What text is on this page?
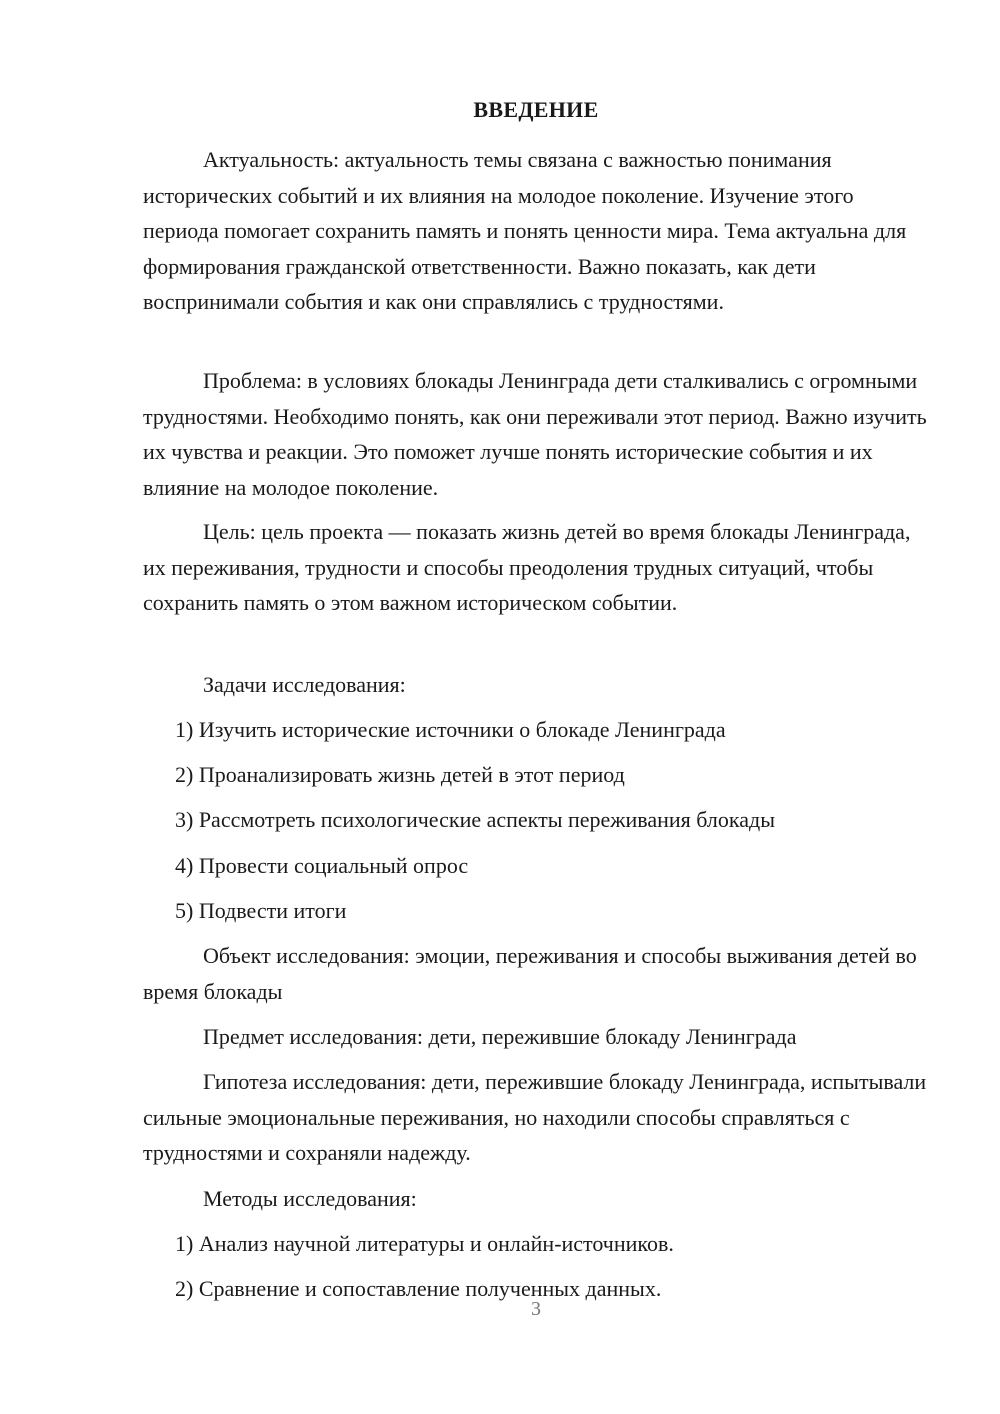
ВВЕДЕНИЕ

Актуальность: актуальность темы связана с важностью понимания исторических событий и их влияния на молодое поколение. Изучение этого периода помогает сохранить память и понять ценности мира. Тема актуальна для формирования гражданской ответственности. Важно показать, как дети воспринимали события и как они справлялись с трудностями.

Проблема: в условиях блокады Ленинграда дети сталкивались с огромными трудностями. Необходимо понять, как они переживали этот период. Важно изучить их чувства и реакции. Это поможет лучше понять исторические события и их влияние на молодое поколение.

Цель: цель проекта — показать жизнь детей во время блокады Ленинграда, их переживания, трудности и способы преодоления трудных ситуаций, чтобы сохранить память о этом важном историческом событии.

Задачи исследования:
1) Изучить исторические источники о блокаде Ленинграда
2) Проанализировать жизнь детей в этот период
3) Рассмотреть психологические аспекты переживания блокады
4) Провести социальный опрос
5) Подвести итоги

Объект исследования: эмоции, переживания и способы выживания детей во время блокады

Предмет исследования: дети, пережившие блокаду Ленинграда

Гипотеза исследования: дети, пережившие блокаду Ленинграда, испытывали сильные эмоциональные переживания, но находили способы справляться с трудностями и сохраняли надежду.

Методы исследования:
1) Анализ научной литературы и онлайн-источников.
2) Сравнение и сопоставление полученных данных.
3
